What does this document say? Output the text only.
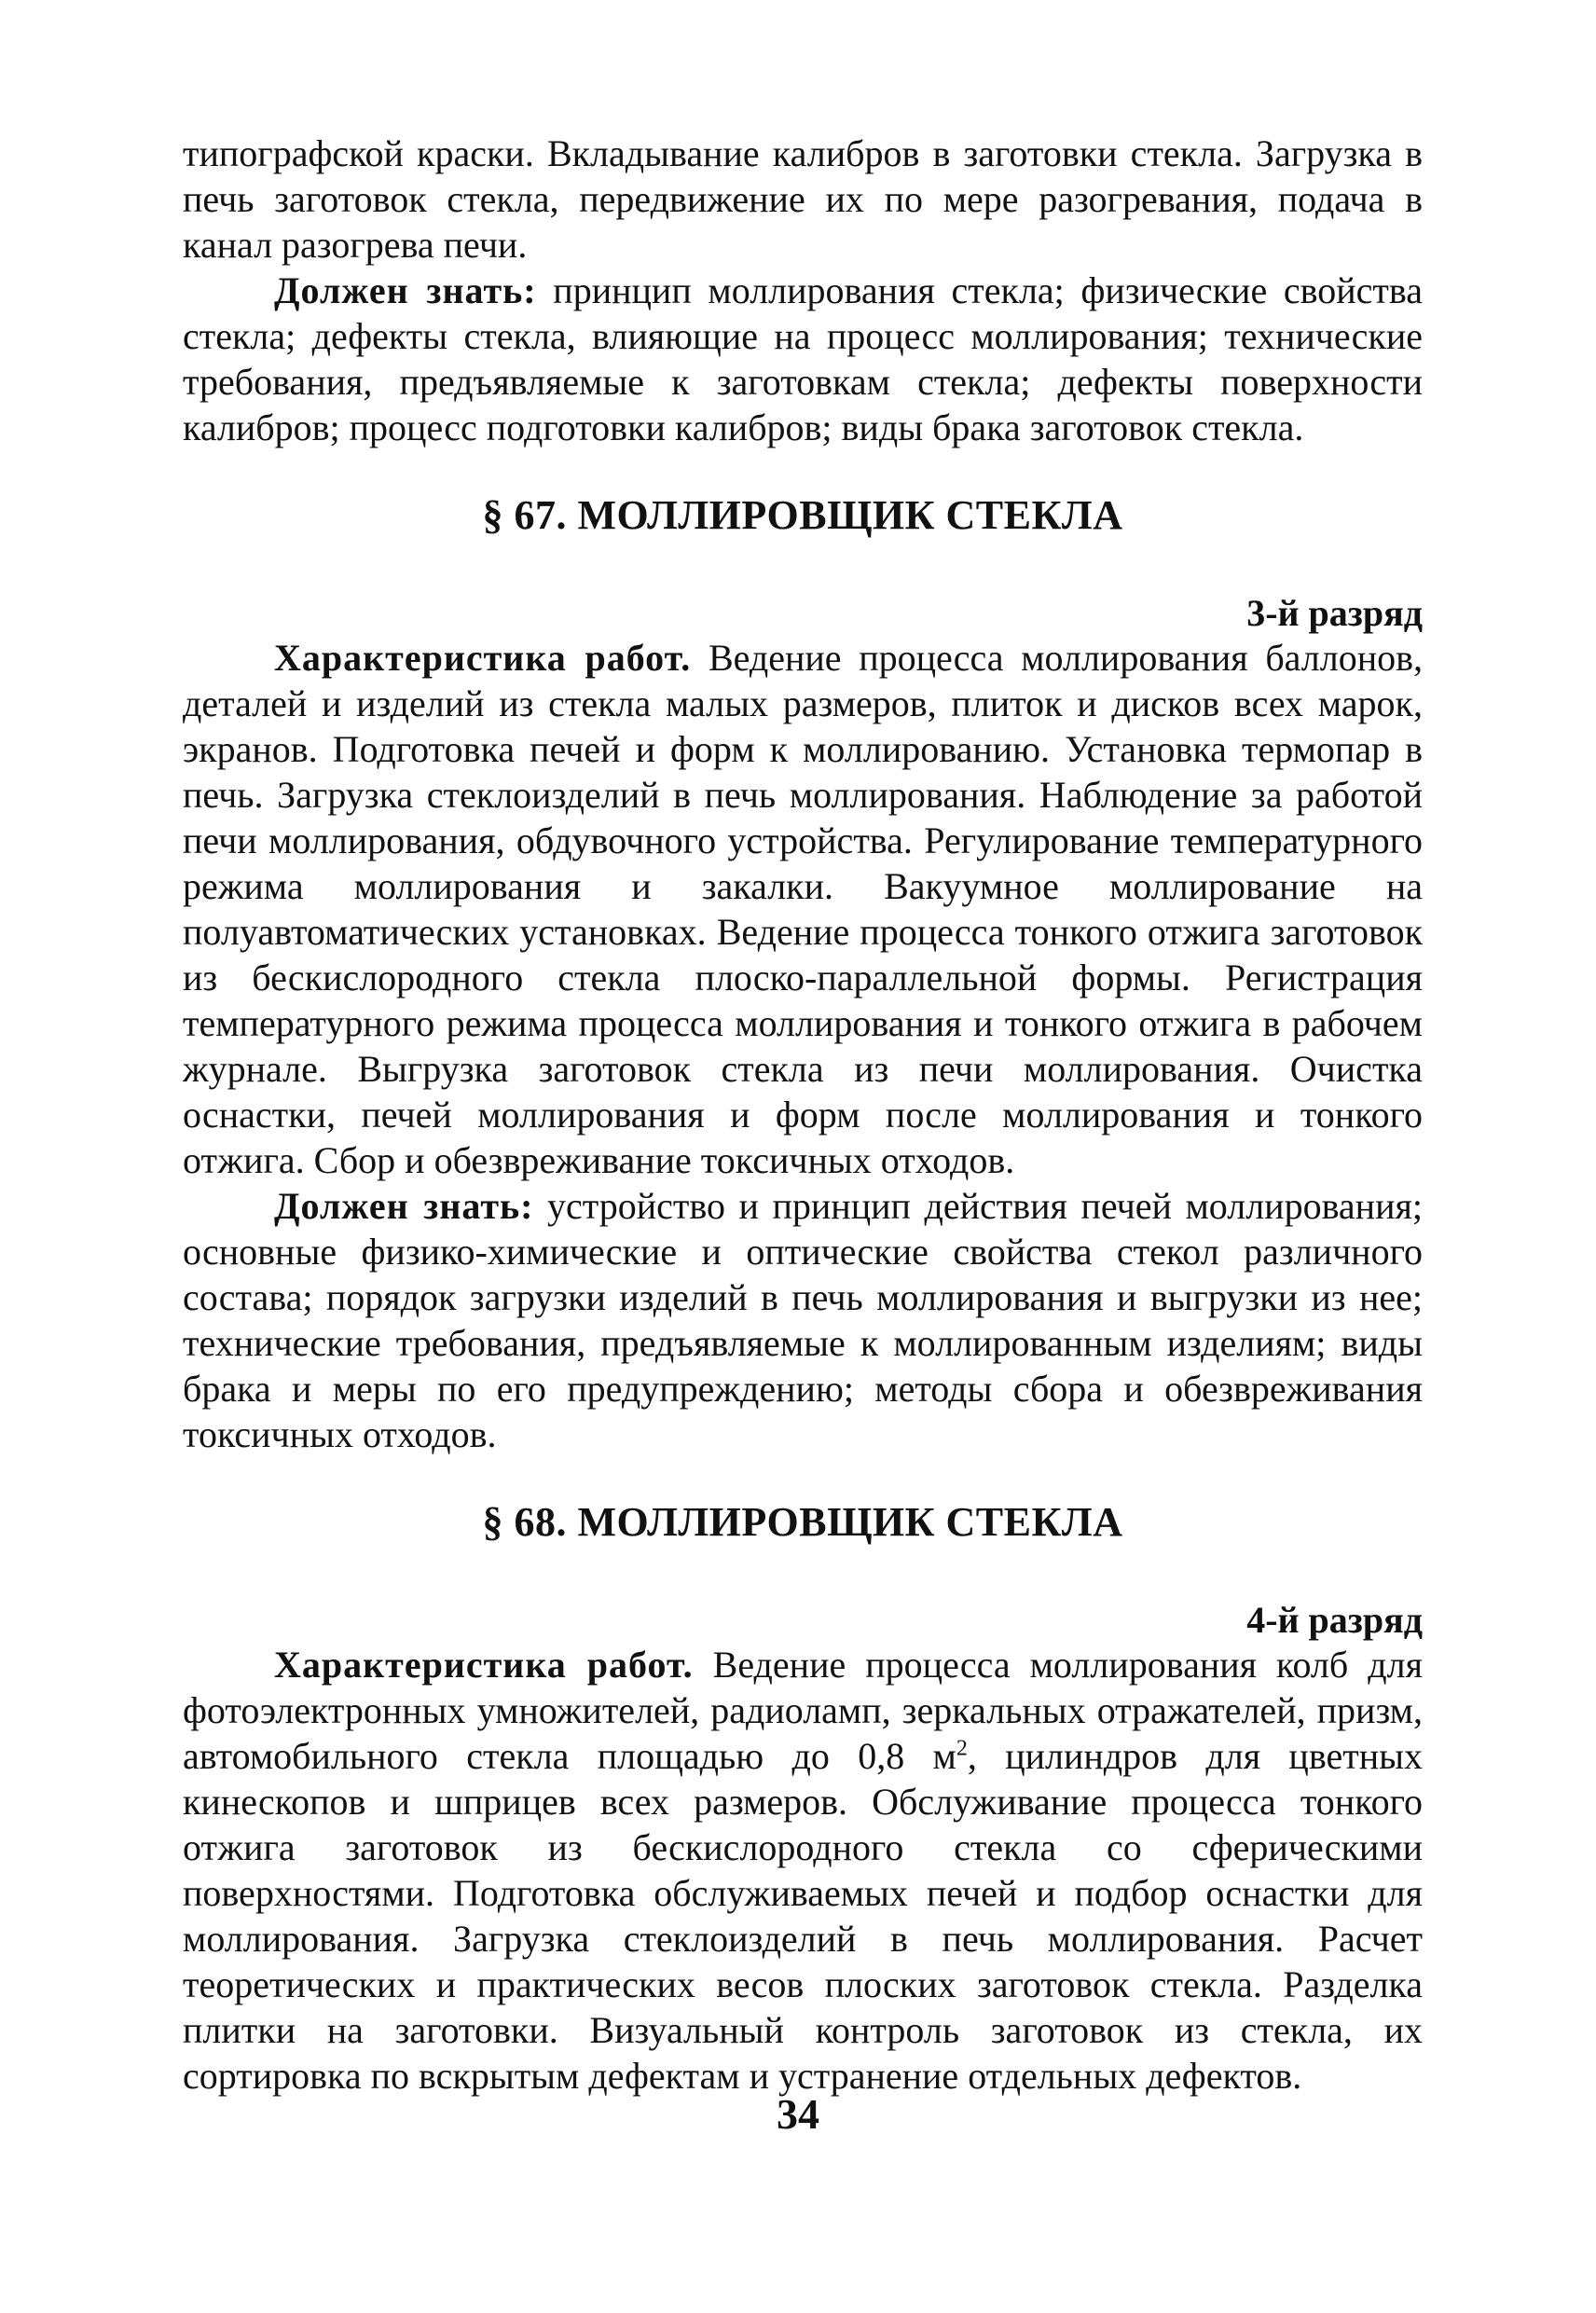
типографской краски. Вкладывание калибров в заготовки стекла. Загрузка в печь заготовок стекла, передвижение их по мере разогревания, подача в канал разогрева печи.

Должен знать: принцип моллирования стекла; физические свойства стекла; дефекты стекла, влияющие на процесс моллирования; технические требования, предъявляемые к заготовкам стекла; дефекты поверхности калибров; процесс подготовки калибров; виды брака заготовок стекла.

§ 67. МОЛЛИРОВЩИК СТЕКЛА
3-й разряд

Характеристика работ. Ведение процесса моллирования баллонов, деталей и изделий из стекла малых размеров, плиток и дисков всех марок, экранов. Подготовка печей и форм к моллированию. Установка термопар в печь. Загрузка стеклоизделий в печь моллирования. Наблюдение за работой печи моллирования, обдувочного устройства. Регулирование температурного режима моллирования и закалки. Вакуумное моллирование на полуавтоматических установках. Ведение процесса тонкого отжига заготовок из бескислородного стекла плоско-параллельной формы. Регистрация температурного режима процесса моллирования и тонкого отжига в рабочем журнале. Выгрузка заготовок стекла из печи моллирования. Очистка оснастки, печей моллирования и форм после моллирования и тонкого отжига. Сбор и обезвреживание токсичных отходов.

Должен знать: устройство и принцип действия печей моллирования; основные физико-химические и оптические свойства стекол различного состава; порядок загрузки изделий в печь моллирования и выгрузки из нее; технические требования, предъявляемые к моллированным изделиям; виды брака и меры по его предупреждению; методы сбора и обезвреживания токсичных отходов.

§ 68. МОЛЛИРОВЩИК СТЕКЛА
4-й разряд

Характеристика работ. Ведение процесса моллирования колб для фотоэлектронных умножителей, радиоламп, зеркальных отражателей, призм, автомобильного стекла площадью до 0,8 $м^2$, цилиндров для цветных кинескопов и шприцев всех размеров. Обслуживание процесса тонкого отжига заготовок из бескислородного стекла со сферическими поверхностями. Подготовка обслуживаемых печей и подбор оснастки для моллирования. Загрузка стеклоизделий в печь моллирования. Расчет теоретических и практических весов плоских заготовок стекла. Разделка плитки на заготовки. Визуальный контроль заготовок из стекла, их сортировка по вскрытым дефектам и устранение отдельных дефектов.

34
